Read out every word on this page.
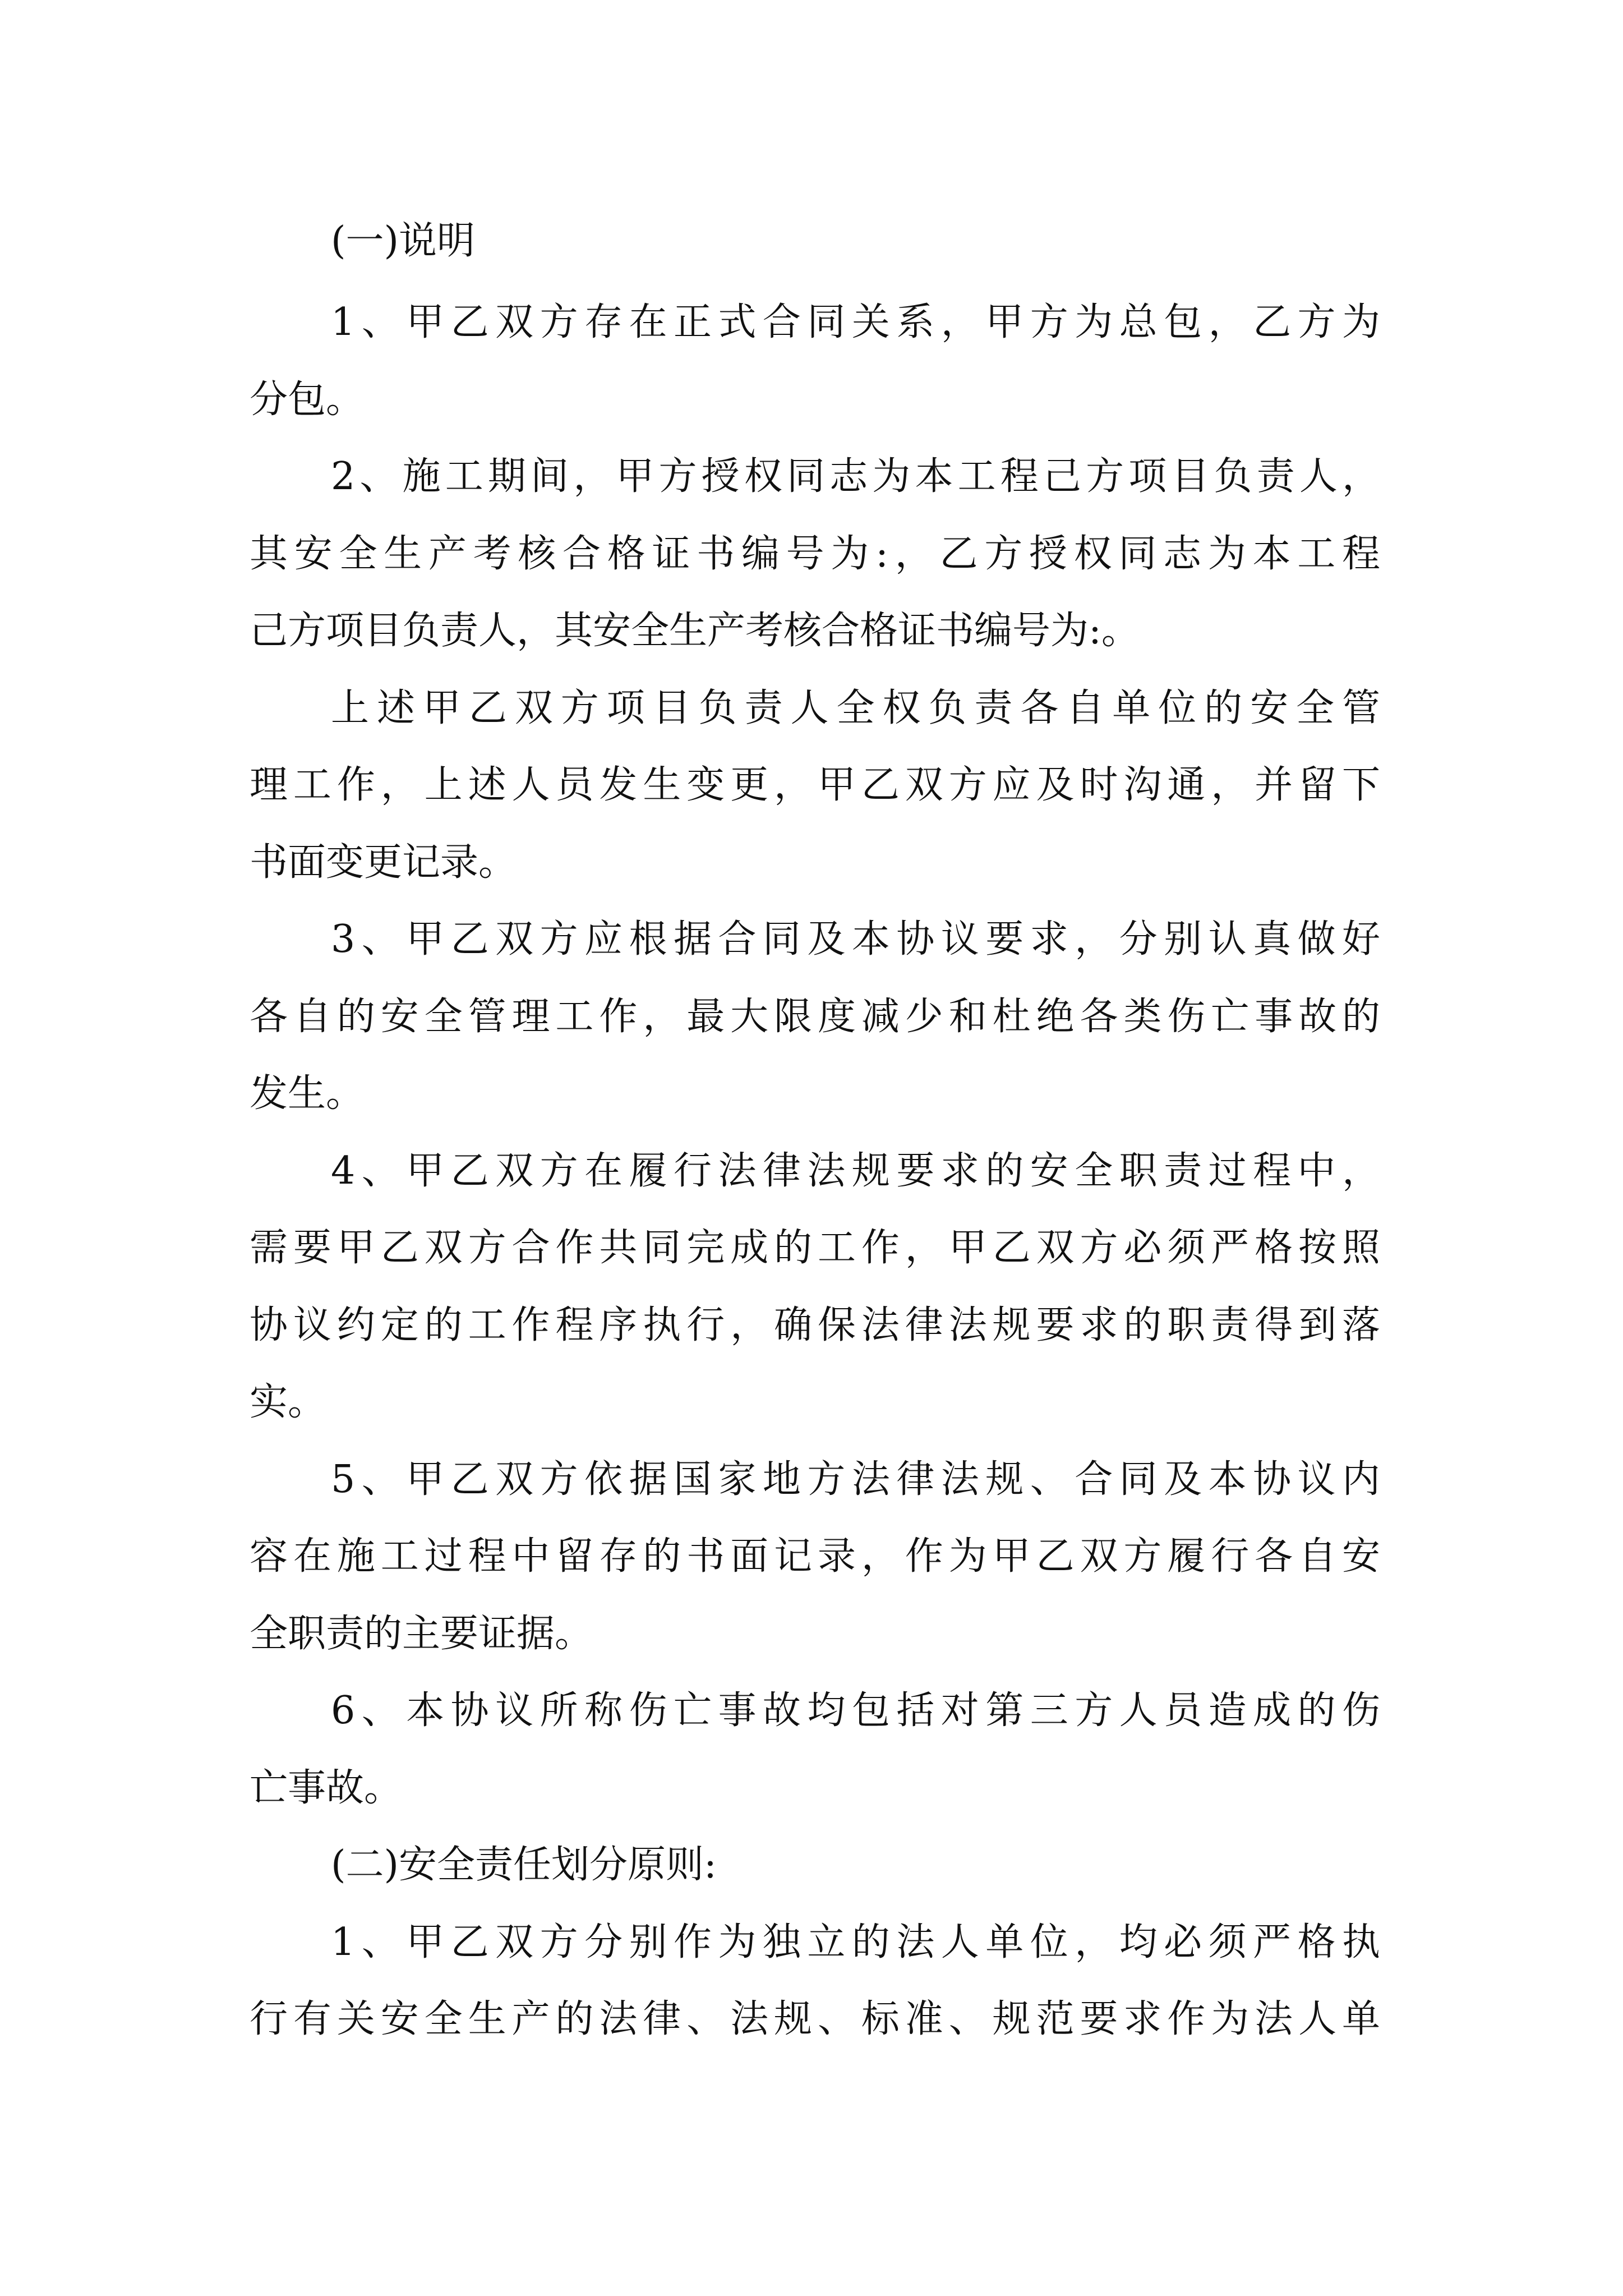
(一)说明

1、甲乙双方存在正式合同关系，甲方为总包，乙方为

分包。

2、施工期间，甲方授权同志为本工程己方项目负责人，

其安全生产考核合格证书编号为:，乙方授权同志为本工程

己方项目负责人，其安全生产考核合格证书编号为:。

上述甲乙双方项目负责人全权负责各自单位的安全管

理工作，上述人员发生变更，甲乙双方应及时沟通，并留下

书面变更记录。

3、甲乙双方应根据合同及本协议要求，分别认真做好

各自的安全管理工作，最大限度减少和杜绝各类伤亡事故的

发生。

4、甲乙双方在履行法律法规要求的安全职责过程中，

需要甲乙双方合作共同完成的工作，甲乙双方必须严格按照

协议约定的工作程序执行，确保法律法规要求的职责得到落

实。

5、甲乙双方依据国家地方法律法规、合同及本协议内

容在施工过程中留存的书面记录，作为甲乙双方履行各自安

全职责的主要证据。

6、本协议所称伤亡事故均包括对第三方人员造成的伤

亡事故。

(二)安全责任划分原则:

1、甲乙双方分别作为独立的法人单位，均必须严格执

行有关安全生产的法律、法规、标准、规范要求作为法人单
